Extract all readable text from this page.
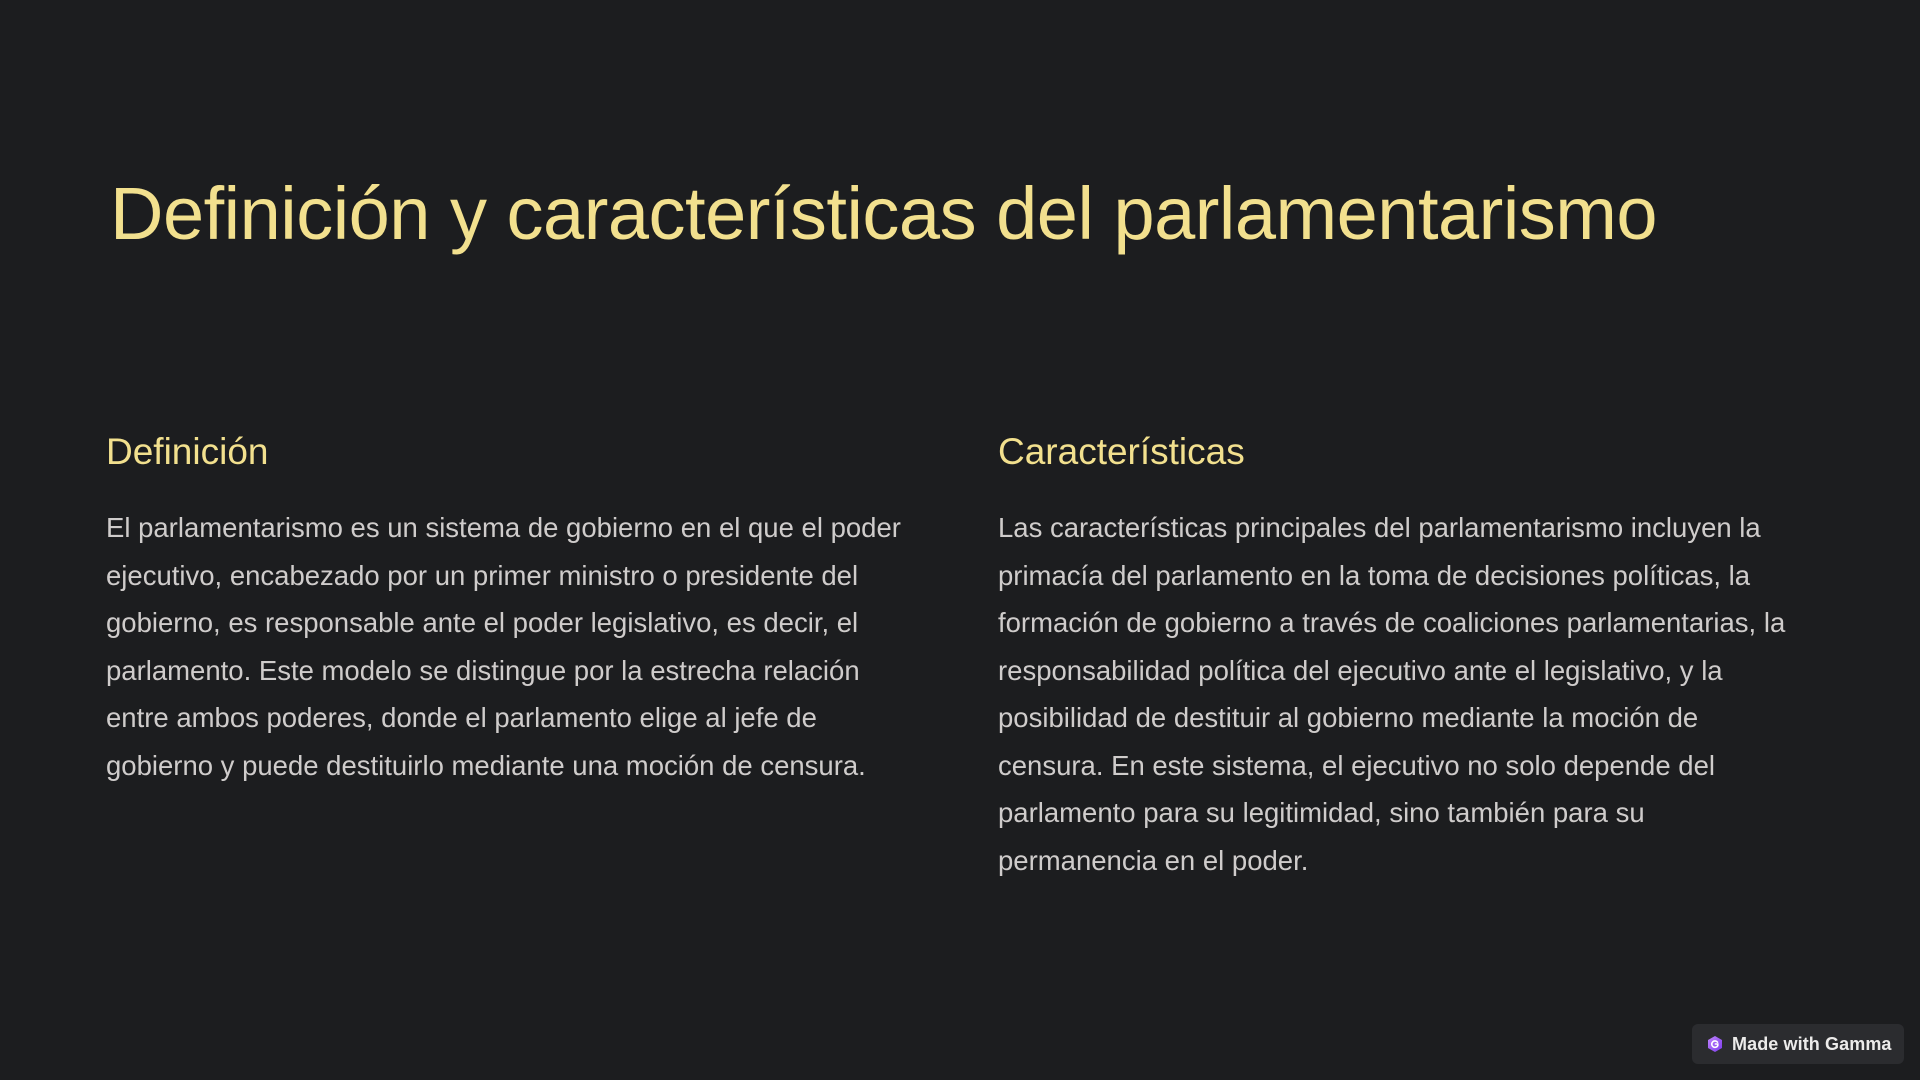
Definición y características del parlamentarismo
Definición

El parlamentarismo es un sistema de gobierno en el que el poder ejecutivo, encabezado por un primer ministro o presidente del gobierno, es responsable ante el poder legislativo, es decir, el parlamento. Este modelo se distingue por la estrecha relación entre ambos poderes, donde el parlamento elige al jefe de gobierno y puede destituirlo mediante una moción de censura.

Características

Las características principales del parlamentarismo incluyen la primacía del parlamento en la toma de decisiones políticas, la formación de gobierno a través de coaliciones parlamentarias, la responsabilidad política del ejecutivo ante el legislativo, y la posibilidad de destituir al gobierno mediante la moción de censura. En este sistema, el ejecutivo no solo depende del parlamento para su legitimidad, sino también para su permanencia en el poder.

Made with Gamma
